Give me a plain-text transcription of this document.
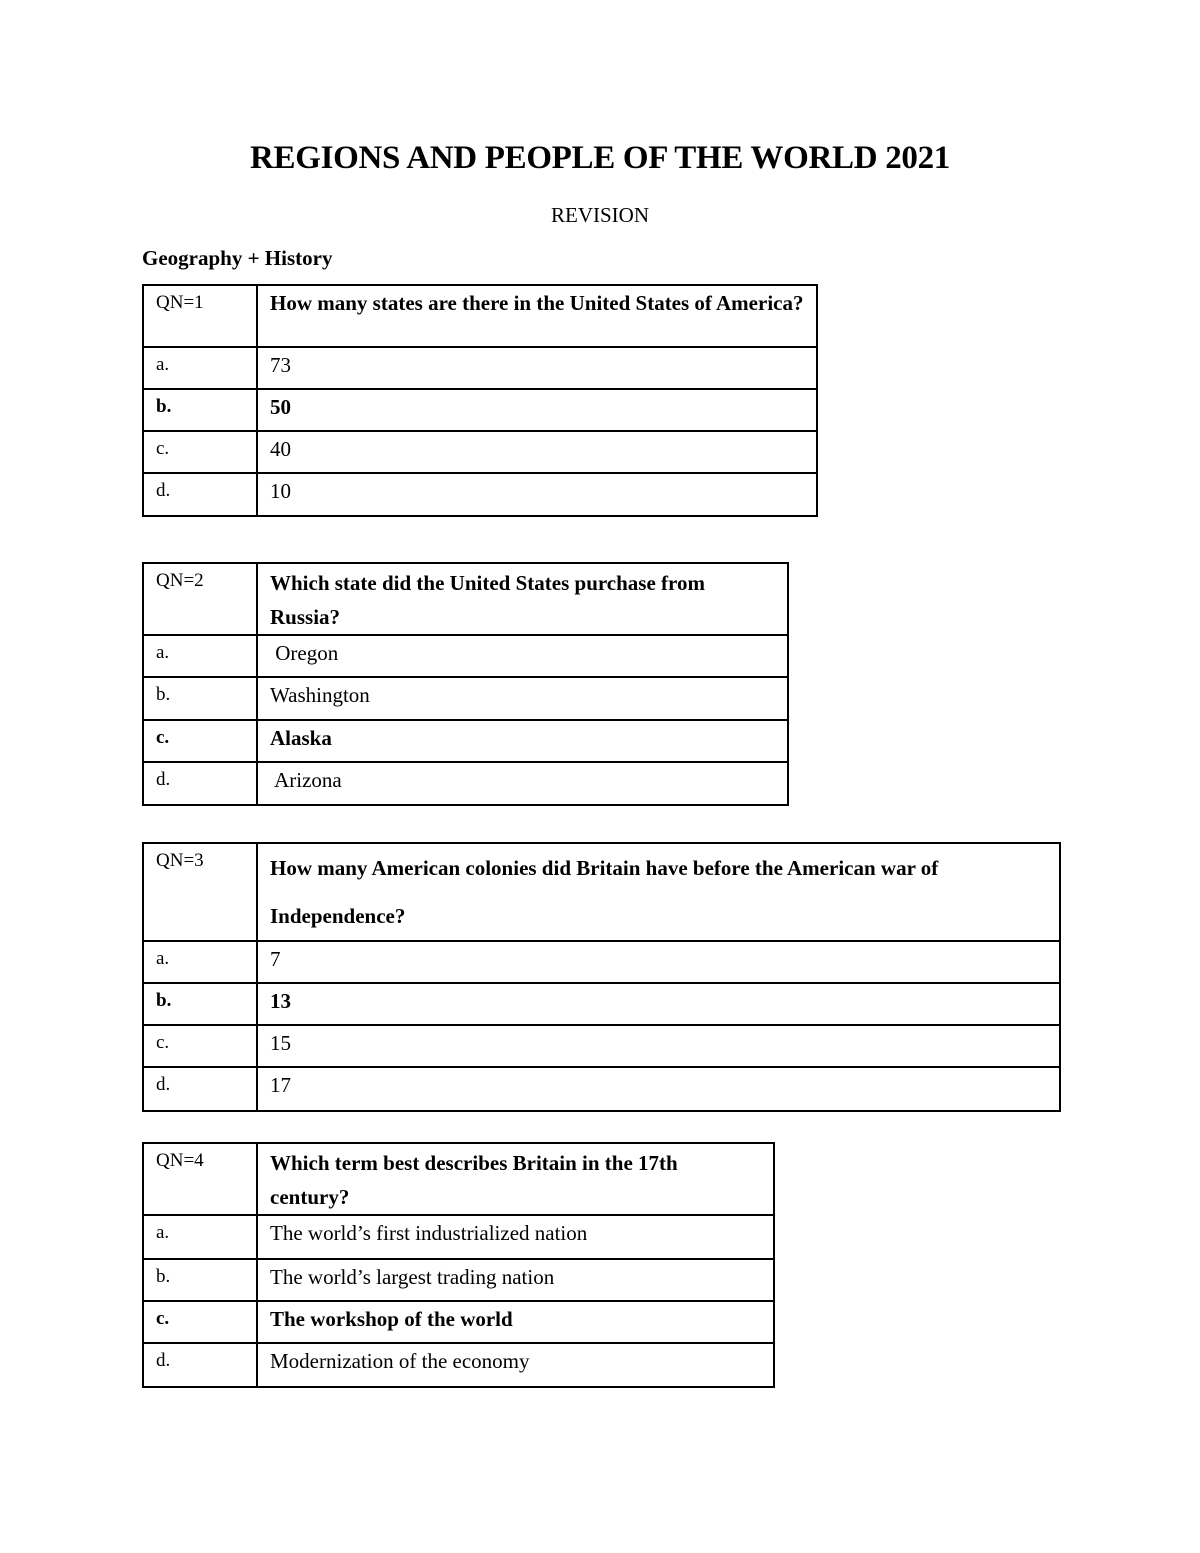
REGIONS AND PEOPLE OF THE WORLD 2021
REVISION
Geography + History
QN=1	How many states are there in the United States of America?
a.	73
b.	50
c.	40
d.	10
QN=2	Which state did the United States purchase from Russia?
a.	Oregon
b.	Washington
c.	Alaska
d.	Arizona
QN=3	How many American colonies did Britain have before the American war of Independence?
a.	7
b.	13
c.	15
d.	17
QN=4	Which term best describes Britain in the 17th century?
a.	The world’s first industrialized nation
b.	The world’s largest trading nation
c.	The workshop of the world
d.	Modernization of the economy
